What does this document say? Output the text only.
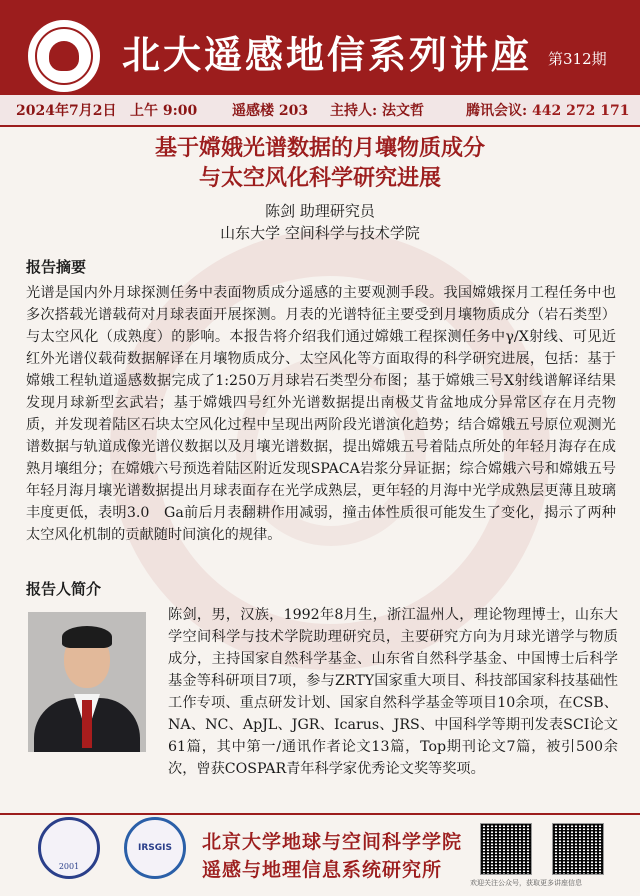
北大遥感地信系列讲座 第312期
2024年7月2日 上午 9:00 遥感楼 203 主持人: 法文哲	腾讯会议: 442 272 171
基于嫦娥光谱数据的月壤物质成分
与太空风化科学研究进展
陈剑 助理研究员
山东大学 空间科学与技术学院
报告摘要
光谱是国内外月球探测任务中表面物质成分遥感的主要观测手段。我国嫦娥探月工程任务中也多次搭载光谱载荷对月球表面开展探测。月表的光谱特征主要受到月壤物质成分（岩石类型）与太空风化（成熟度）的影响。本报告将介绍我们通过嫦娥工程探测任务中γ/X射线、可见近红外光谱仪载荷数据解译在月壤物质成分、太空风化等方面取得的科学研究进展，包括：基于嫦娥工程轨道遥感数据完成了1:250万月球岩石类型分布图；基于嫦娥三号X射线谱解译结果发现月球新型玄武岩；基于嫦娥四号红外光谱数据提出南极艾肯盆地成分异常区存在月壳物质，并发现着陆区石块太空风化过程中呈现出两阶段光谱演化趋势；结合嫦娥五号原位观测光谱数据与轨道成像光谱仪数据以及月壤光谱数据，提出嫦娥五号着陆点所处的年轻月海存在成熟月壤组分；在嫦娥六号预选着陆区附近发现SPACA岩浆分异证据；综合嫦娥六号和嫦娥五号年轻月海月壤光谱数据提出月球表面存在光学成熟层，更年轻的月海中光学成熟层更薄且玻璃丰度更低，表明3.0　Ga前后月表翻耕作用减弱，撞击体性质很可能发生了变化，揭示了两种太空风化机制的贡献随时间演化的规律。
报告人简介
陈剑，男，汉族，1992年8月生，浙江温州人，理论物理博士，山东大学空间科学与技术学院助理研究员，主要研究方向为月球光谱学与物质成分，主持国家自然科学基金、山东省自然科学基金、中国博士后科学基金等科研项目7项，参与ZRTY国家重大项目、科技部国家科技基础性工作专项、重点研发计划、国家自然科学基金等项目10余项，在CSB、NA、NC、ApJL、JGR、Icarus、JRS、中国科学等期刊发表SCI论文61篇，其中第一/通讯作者论文13篇，Top期刊论文7篇，被引500余次，曾获COSPAR青年科学家优秀论文奖等奖项。
2001
IRSGIS 北京大学地球与空间科学学院
遥感与地理信息系统研究所
欢迎关注公众号，获取更多讲座信息
